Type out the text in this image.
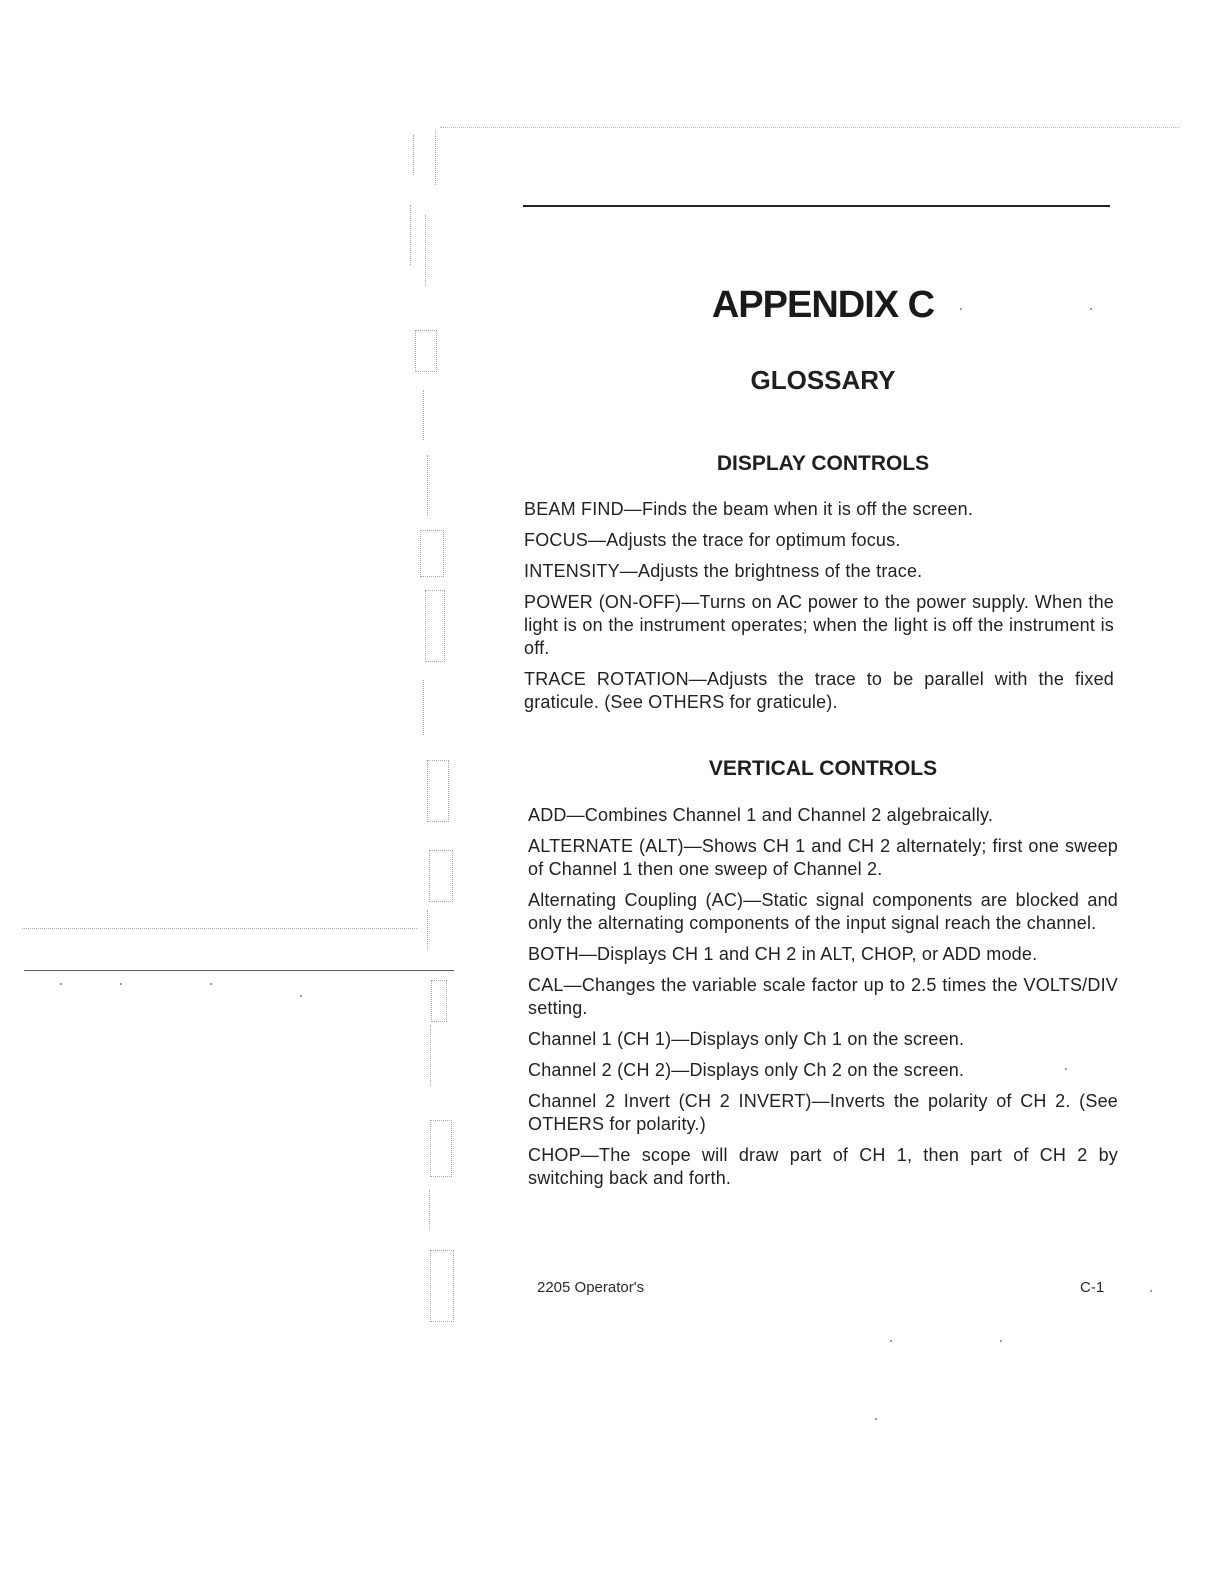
APPENDIX C
GLOSSARY
DISPLAY CONTROLS
BEAM FIND—Finds the beam when it is off the screen.
FOCUS—Adjusts the trace for optimum focus.
INTENSITY—Adjusts the brightness of the trace.
POWER (ON-OFF)—Turns on AC power to the power supply. When the light is on the instrument operates; when the light is off the instrument is off.
TRACE ROTATION—Adjusts the trace to be parallel with the fixed graticule. (See OTHERS for graticule).
VERTICAL CONTROLS
ADD—Combines Channel 1 and Channel 2 algebraically.
ALTERNATE (ALT)—Shows CH 1 and CH 2 alternately; first one sweep of Channel 1 then one sweep of Channel 2.
Alternating Coupling (AC)—Static signal components are blocked and only the alternating components of the input signal reach the channel.
BOTH—Displays CH 1 and CH 2 in ALT, CHOP, or ADD mode.
CAL—Changes the variable scale factor up to 2.5 times the VOLTS/DIV setting.
Channel 1 (CH 1)—Displays only Ch 1 on the screen.
Channel 2 (CH 2)—Displays only Ch 2 on the screen.
Channel 2 Invert (CH 2 INVERT)—Inverts the polarity of CH 2. (See OTHERS for polarity.)
CHOP—The scope will draw part of CH 1, then part of CH 2 by switching back and forth.
2205 Operator's	C-1
